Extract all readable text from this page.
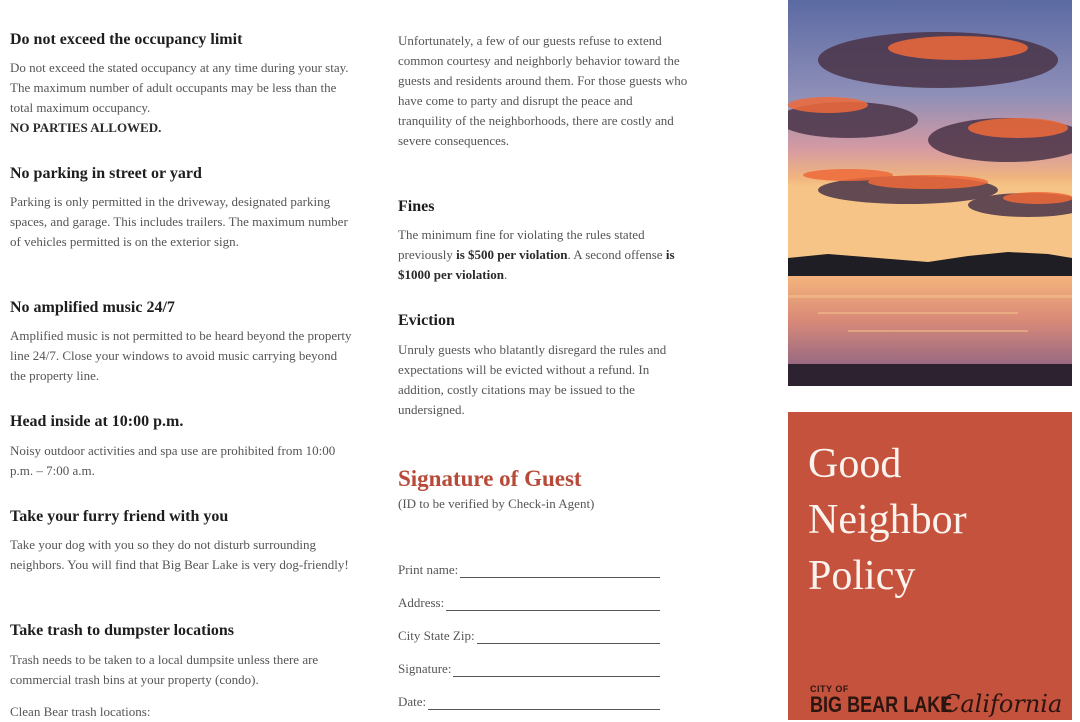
Do not exceed the occupancy limit

Do not exceed the stated occupancy at any time during your stay. The maximum number of adult occupants may be less than the total maximum occupancy.
NO PARTIES ALLOWED.

No parking in street or yard

Parking is only permitted in the driveway, designated parking spaces, and garage. This includes trailers. The maximum number of vehicles permitted is on the exterior sign.

No amplified music 24/7

Amplified music is not permitted to be heard beyond the property line 24/7. Close your windows to avoid music carrying beyond the property line.

Head inside at 10:00 p.m.

Noisy outdoor activities and spa use are prohibited from 10:00 p.m. – 7:00 a.m.

Take your furry friend with you

Take your dog with you so they do not disturb surrounding neighbors. You will find that Big Bear Lake is very dog-friendly!

Take trash to dumpster locations

Trash needs to be taken to a local dumpsite unless there are commercial trash bins at your property (condo).

Clean Bear trash locations:

Unfortunately, a few of our guests refuse to extend common courtesy and neighborly behavior toward the guests and residents around them. For those guests who have come to party and disrupt the peace and tranquility of the neighborhoods, there are costly and severe consequences.

Fines

The minimum fine for violating the rules stated previously is $500 per violation. A second offense is $1000 per violation.

Eviction

Unruly guests who blatantly disregard the rules and expectations will be evicted without a refund. In addition, costly citations may be issued to the undersigned.

Signature of Guest

(ID to be verified by Check-in Agent)

Print name:
Address:
City State Zip:
Signature:
Date:
Good
Neighbor
Policy
CITY OF
BIG BEAR LAKE
California
